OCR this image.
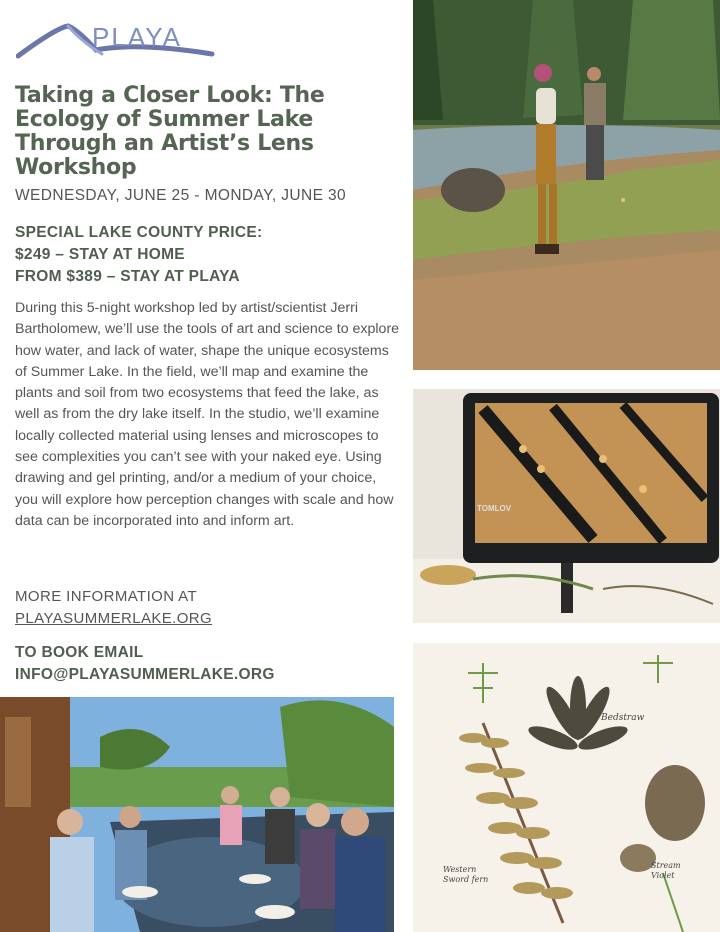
PLAYA
Taking a Closer Look: The Ecology of Summer Lake Through an Artist’s Lens Workshop
WEDNESDAY, JUNE 25 - MONDAY, JUNE 30
SPECIAL LAKE COUNTY PRICE:
$249 – STAY AT HOME
FROM $389 – STAY AT PLAYA

During this 5-night workshop led by artist/scientist Jerri Bartholomew, we’ll use the tools of art and science to explore how water, and lack of water, shape the unique ecosystems of Summer Lake. In the field, we’ll map and examine the plants and soil from two ecosystems that feed the lake, as well as from the dry lake itself. In the studio, we’ll examine locally collected material using lenses and microscopes to see complexities you can’t see with your naked eye. Using drawing and gel printing, and/or a medium of your choice, you will explore how perception changes with scale and how data can be incorporated into and inform art.

MORE INFORMATION AT
PLAYASUMMERLAKE.ORG
TO BOOK EMAIL
INFO@PLAYASUMMERLAKE.ORG
TOMLOV
Bedstraw
Western Sword fern
Stream Violet
